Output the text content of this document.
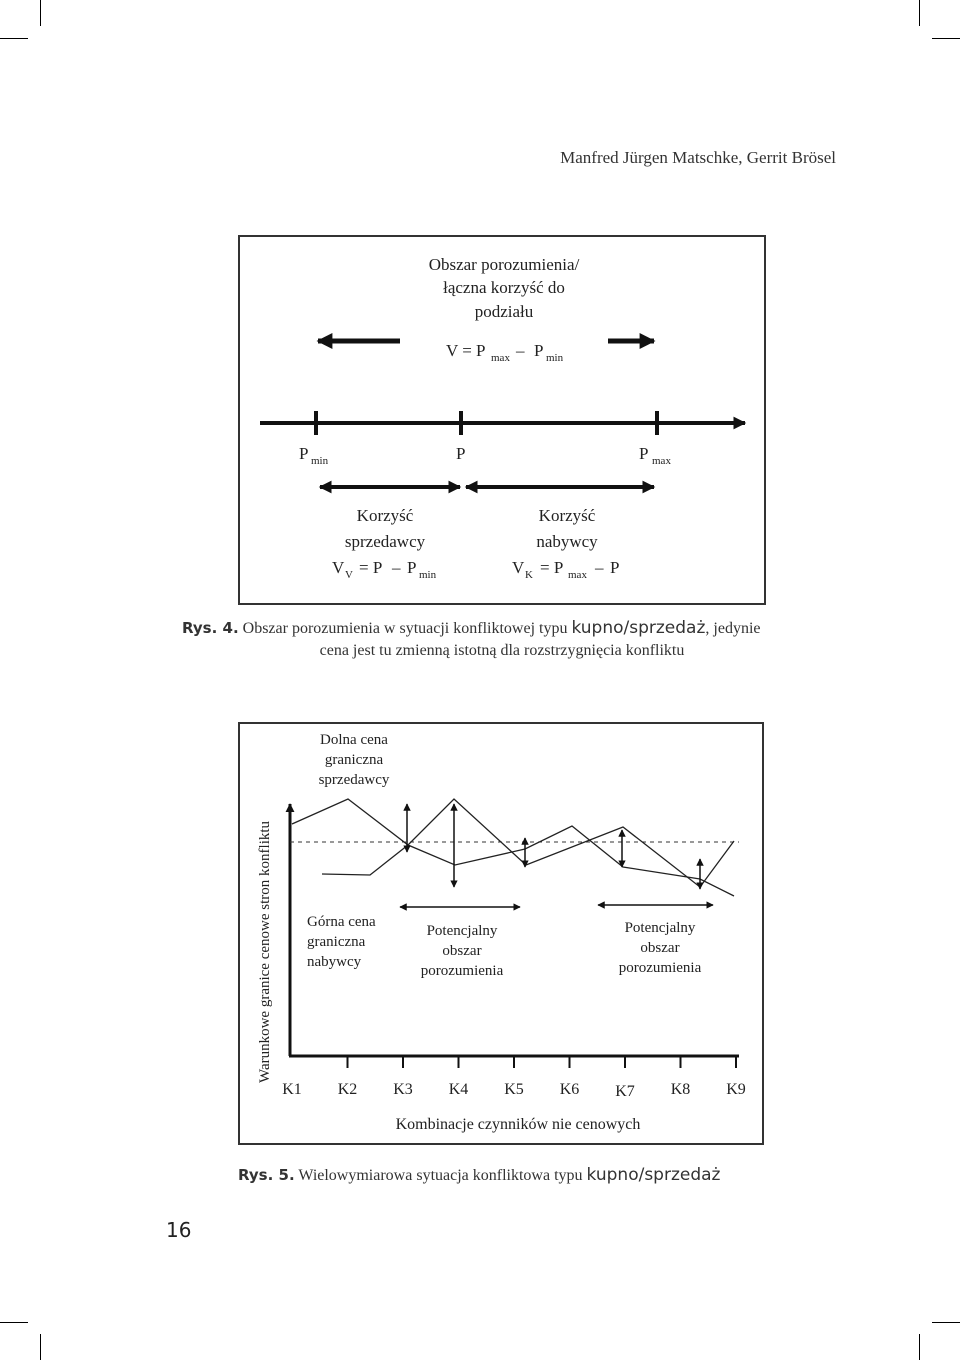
Manfred Jürgen Matschke, Gerrit Brösel
Obszar porozumienia/
łączna korzyść do
podziału
V = P max – P min
P min	P	P max
Korzyść
sprzedawcy
V V = P – P min
Korzyść
nabywcy
V K = P max – P
Rys. 4. Obszar porozumienia w sytuacji konfliktowej typu kupno/sprzedaż, jedynie
cena jest tu zmienną istotną dla rozstrzygnięcia konfliktu
Warunkowe granice cenowe stron konfliktu
K1 K2 K3 K4 K5 K6 K7 K8 K9
Dolna cena
graniczna
sprzedawcy
Górna cena
graniczna
nabywcy
Potencjalny
obszar
porozumienia
Potencjalny
obszar
porozumienia
Kombinacje czynników nie cenowych
Rys. 5. Wielowymiarowa sytuacja konfliktowa typu kupno/sprzedaż
16
